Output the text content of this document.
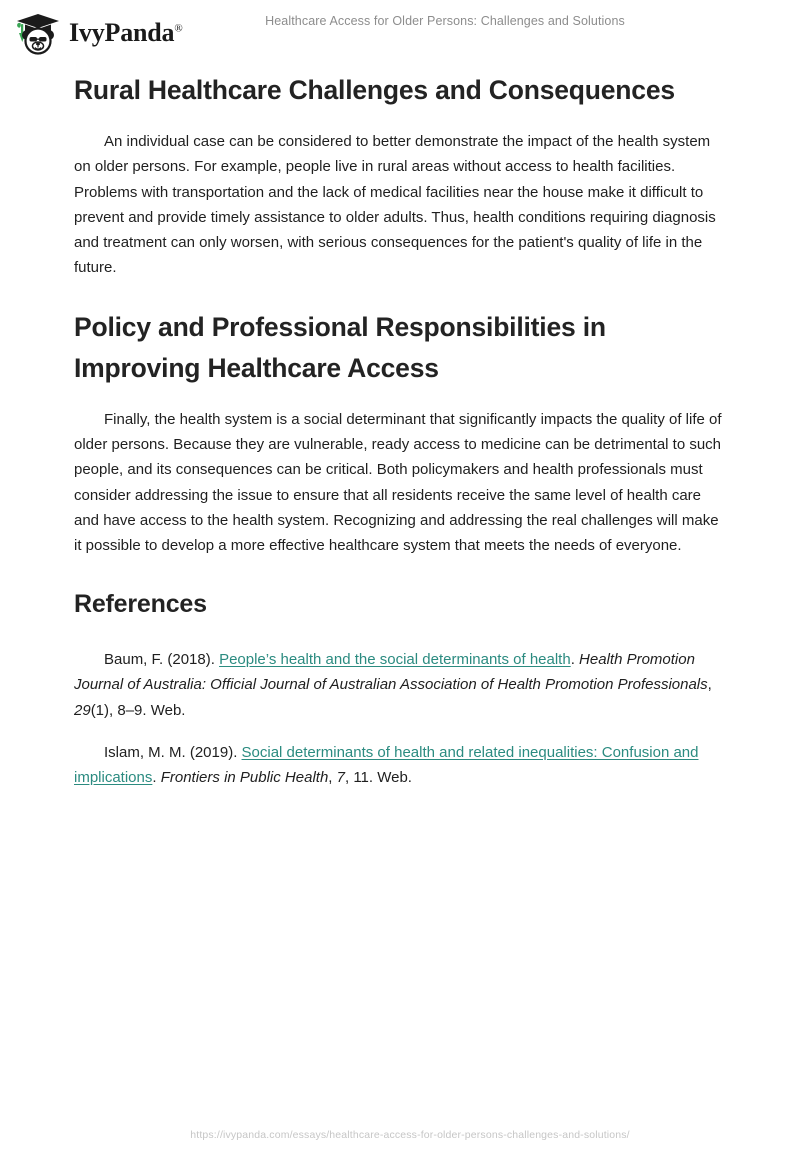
IvyPanda®
Healthcare Access for Older Persons: Challenges and Solutions
Rural Healthcare Challenges and Consequences

An individual case can be considered to better demonstrate the impact of the health system on older persons. For example, people live in rural areas without access to health facilities. Problems with transportation and the lack of medical facilities near the house make it difficult to prevent and provide timely assistance to older adults. Thus, health conditions requiring diagnosis and treatment can only worsen, with serious consequences for the patient's quality of life in the future.

Policy and Professional Responsibilities in Improving Healthcare Access

Finally, the health system is a social determinant that significantly impacts the quality of life of older persons. Because they are vulnerable, ready access to medicine can be detrimental to such people, and its consequences can be critical. Both policymakers and health professionals must consider addressing the issue to ensure that all residents receive the same level of health care and have access to the health system. Recognizing and addressing the real challenges will make it possible to develop a more effective healthcare system that meets the needs of everyone.

References

Baum, F. (2018). People’s health and the social determinants of health. Health Promotion Journal of Australia: Official Journal of Australian Association of Health Promotion Professionals, 29(1), 8–9. Web.

Islam, M. M. (2019). Social determinants of health and related inequalities: Confusion and implications. Frontiers in Public Health, 7, 11. Web.

https://ivypanda.com/essays/healthcare-access-for-older-persons-challenges-and-solutions/
